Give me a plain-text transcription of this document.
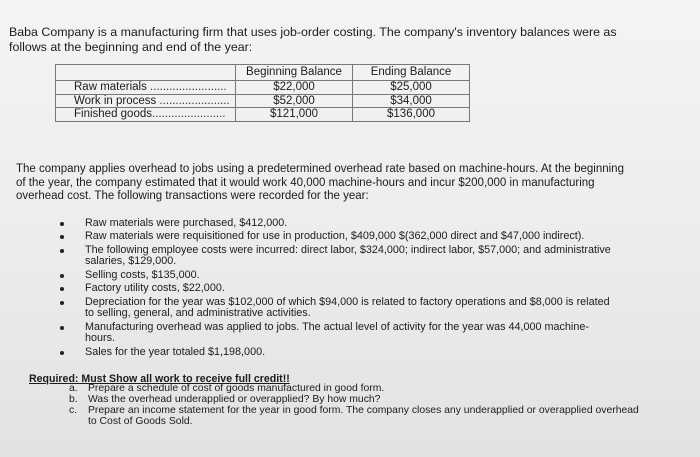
Baba Company is a manufacturing firm that uses job-order costing. The company's inventory balances were as follows at the beginning and end of the year:
	Beginning Balance	Ending Balance
Raw materials ........................	$22,000	$25,000
Work in process ......................	$52,000	$34,000
Finished goods.......................	$121,000	$136,000
The company applies overhead to jobs using a predetermined overhead rate based on machine-hours. At the beginning of the year, the company estimated that it would work 40,000 machine-hours and incur $200,000 in manufacturing overhead cost. The following transactions were recorded for the year:
Raw materials were purchased, $412,000.
Raw materials were requisitioned for use in production, $409,000 $(362,000 direct and $47,000 indirect).
The following employee costs were incurred: direct labor, $324,000; indirect labor, $57,000; and administrative salaries, $129,000.
Selling costs, $135,000.
Factory utility costs, $22,000.
Depreciation for the year was $102,000 of which $94,000 is related to factory operations and $8,000 is related to selling, general, and administrative activities.
Manufacturing overhead was applied to jobs. The actual level of activity for the year was 44,000 machine-hours.
Sales for the year totaled $1,198,000.
Required: Must Show all work to receive full credit!!
a. Prepare a schedule of cost of goods manufactured in good form.
b. Was the overhead underapplied or overapplied? By how much?
c. Prepare an income statement for the year in good form. The company closes any underapplied or overapplied overhead to Cost of Goods Sold.
